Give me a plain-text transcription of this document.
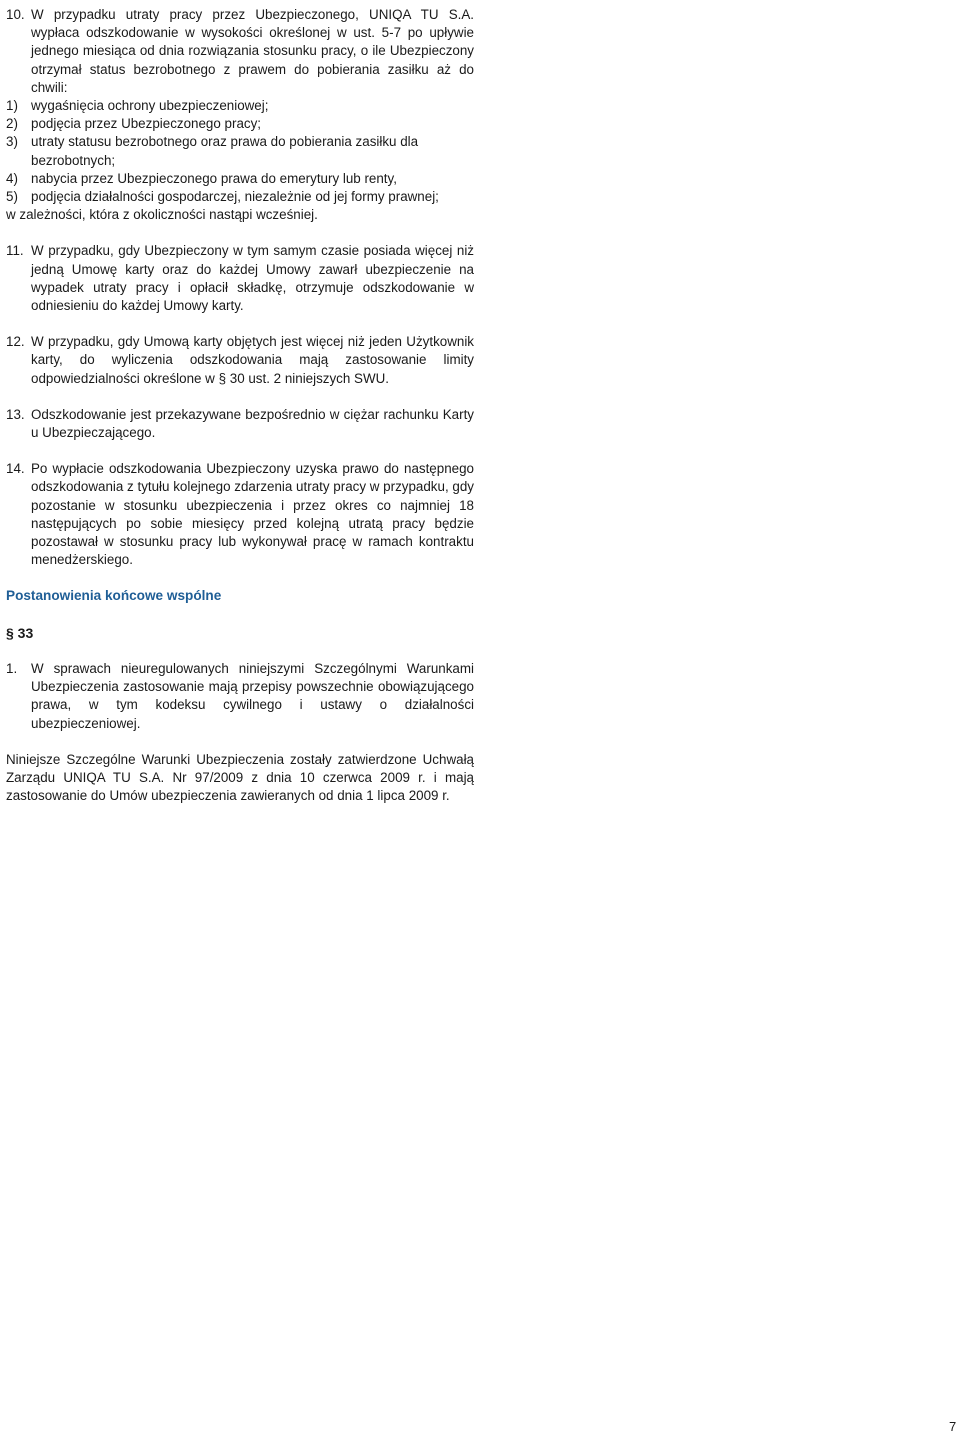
10. W przypadku utraty pracy przez Ubezpieczonego, UNIQA TU S.A. wypłaca odszkodowanie w wysokości określonej w ust. 5-7 po upływie jednego miesiąca od dnia rozwiązania stosunku pracy, o ile Ubezpieczony otrzymał status bezrobotnego z prawem do pobierania zasiłku aż do chwili:
1) wygaśnięcia ochrony ubezpieczeniowej;
2) podjęcia przez Ubezpieczonego pracy;
3) utraty statusu bezrobotnego oraz prawa do pobierania zasiłku dla bezrobotnych;
4) nabycia przez Ubezpieczonego prawa do emerytury lub renty,
5) podjęcia działalności gospodarczej, niezależnie od jej formy prawnej;

w zależności, która z okoliczności nastąpi wcześniej.

11. W przypadku, gdy Ubezpieczony w tym samym czasie posiada więcej niż jedną Umowę karty oraz do każdej Umowy zawarł ubezpieczenie na wypadek utraty pracy i opłacił składkę, otrzymuje odszkodowanie w odniesieniu do każdej Umowy karty.
12. W przypadku, gdy Umową karty objętych jest więcej niż jeden Użytkownik karty, do wyliczenia odszkodowania mają zastosowanie limity odpowiedzialności określone w § 30 ust. 2 niniejszych SWU.
13. Odszkodowanie jest przekazywane bezpośrednio w ciężar rachunku Karty u Ubezpieczającego.
14. Po wypłacie odszkodowania Ubezpieczony uzyska prawo do następnego odszkodowania z tytułu kolejnego zdarzenia utraty pracy w przypadku, gdy pozostanie w stosunku ubezpieczenia i przez okres co najmniej 18 następujących po sobie miesięcy przed kolejną utratą pracy będzie pozostawał w stosunku pracy lub wykonywał pracę w ramach kontraktu menedżerskiego.
Postanowienia końcowe wspólne

§ 33

1. W sprawach nieuregulowanych niniejszymi Szczególnymi Warunkami Ubezpieczenia zastosowanie mają przepisy powszechnie obowiązującego prawa, w tym kodeksu cywilnego i ustawy o działalności ubezpieczeniowej.

Niniejsze Szczególne Warunki Ubezpieczenia zostały zatwierdzone Uchwałą Zarządu UNIQA TU S.A. Nr 97/2009 z dnia 10 czerwca 2009 r. i mają zastosowanie do Umów ubezpieczenia zawieranych od dnia 1 lipca 2009 r.

7
